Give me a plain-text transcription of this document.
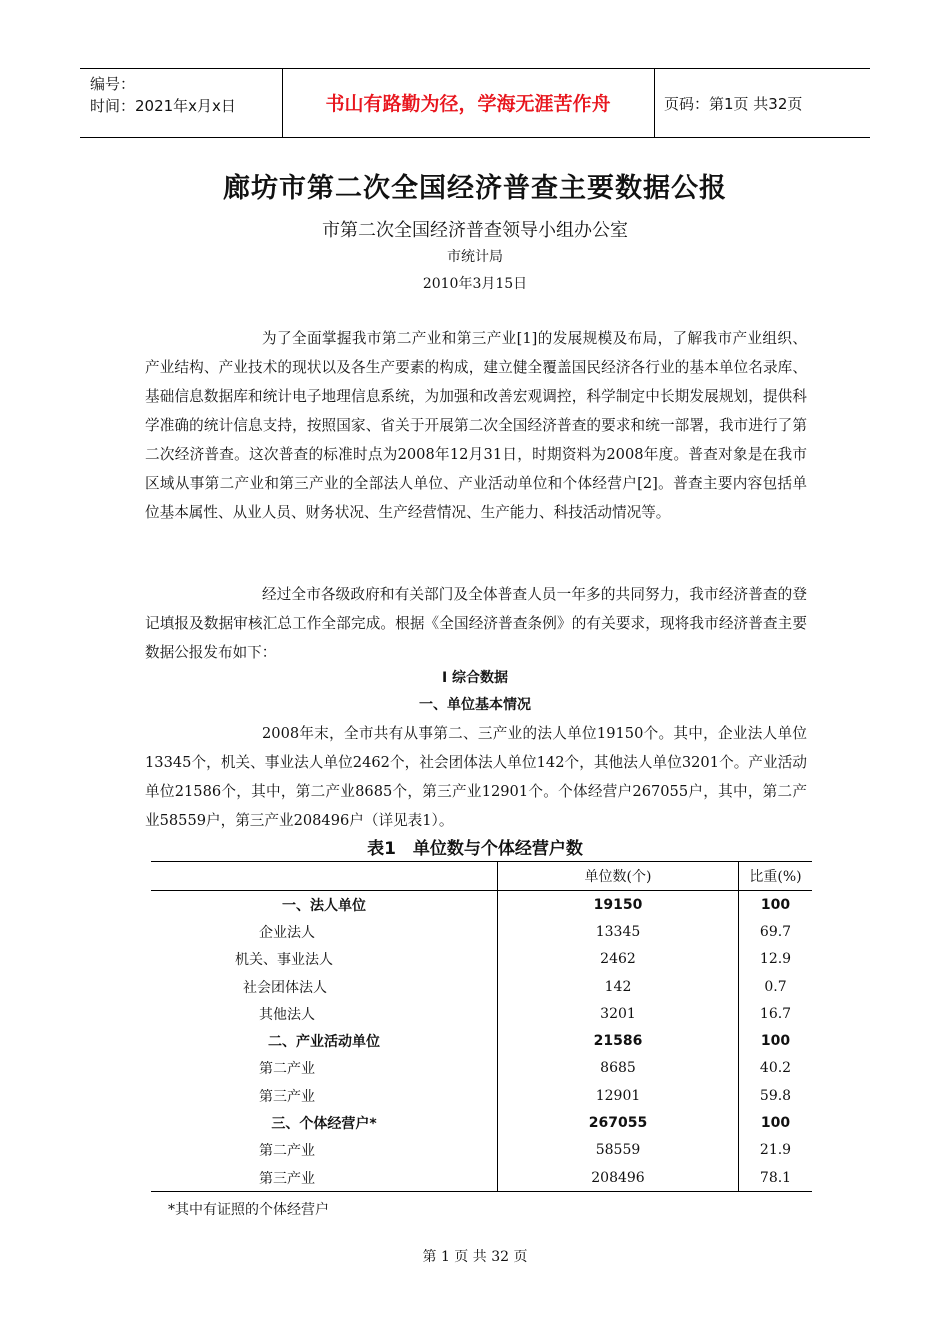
编号：
时间：2021年x月x日	书山有路勤为径，学海无涯苦作舟	页码：第1页 共32页
廊坊市第二次全国经济普查主要数据公报
市第二次全国经济普查领导小组办公室
市统计局
2010年3月15日

为了全面掌握我市第二产业和第三产业[1]的发展规模及布局，了解我市产业组织、产业结构、产业技术的现状以及各生产要素的构成，建立健全覆盖国民经济各行业的基本单位名录库、基础信息数据库和统计电子地理信息系统，为加强和改善宏观调控，科学制定中长期发展规划，提供科学准确的统计信息支持，按照国家、省关于开展第二次全国经济普查的要求和统一部署，我市进行了第二次经济普查。这次普查的标准时点为2008年12月31日，时期资料为2008年度。普查对象是在我市区域从事第二产业和第三产业的全部法人单位、产业活动单位和个体经营户[2]。普查主要内容包括单位基本属性、从业人员、财务状况、生产经营情况、生产能力、科技活动情况等。

经过全市各级政府和有关部门及全体普查人员一年多的共同努力，我市经济普查的登记填报及数据审核汇总工作全部完成。根据《全国经济普查条例》的有关要求，现将我市经济普查主要数据公报发布如下：

Ⅰ 综合数据
一、单位基本情况

2008年末，全市共有从事第二、三产业的法人单位19150个。其中，企业法人单位13345个，机关、事业法人单位2462个，社会团体法人单位142个，其他法人单位3201个。产业活动单位21586个，其中，第二产业8685个，第三产业12901个。个体经营户267055户，其中，第二产业58559户，第三产业208496户（详见表1）。

表1　单位数与个体经营户数
	单位数(个)	比重(%)
一、法人单位	19150	100
企业法人	13345	69.7
机关、事业法人	2462	12.9
社会团体法人	142	0.7
其他法人	3201	16.7
二、产业活动单位	21586	100
第二产业	8685	40.2
第三产业	12901	59.8
三、个体经营户*	267055	100
第二产业	58559	21.9
第三产业	208496	78.1
*其中有证照的个体经营户
第 1 页 共 32 页
